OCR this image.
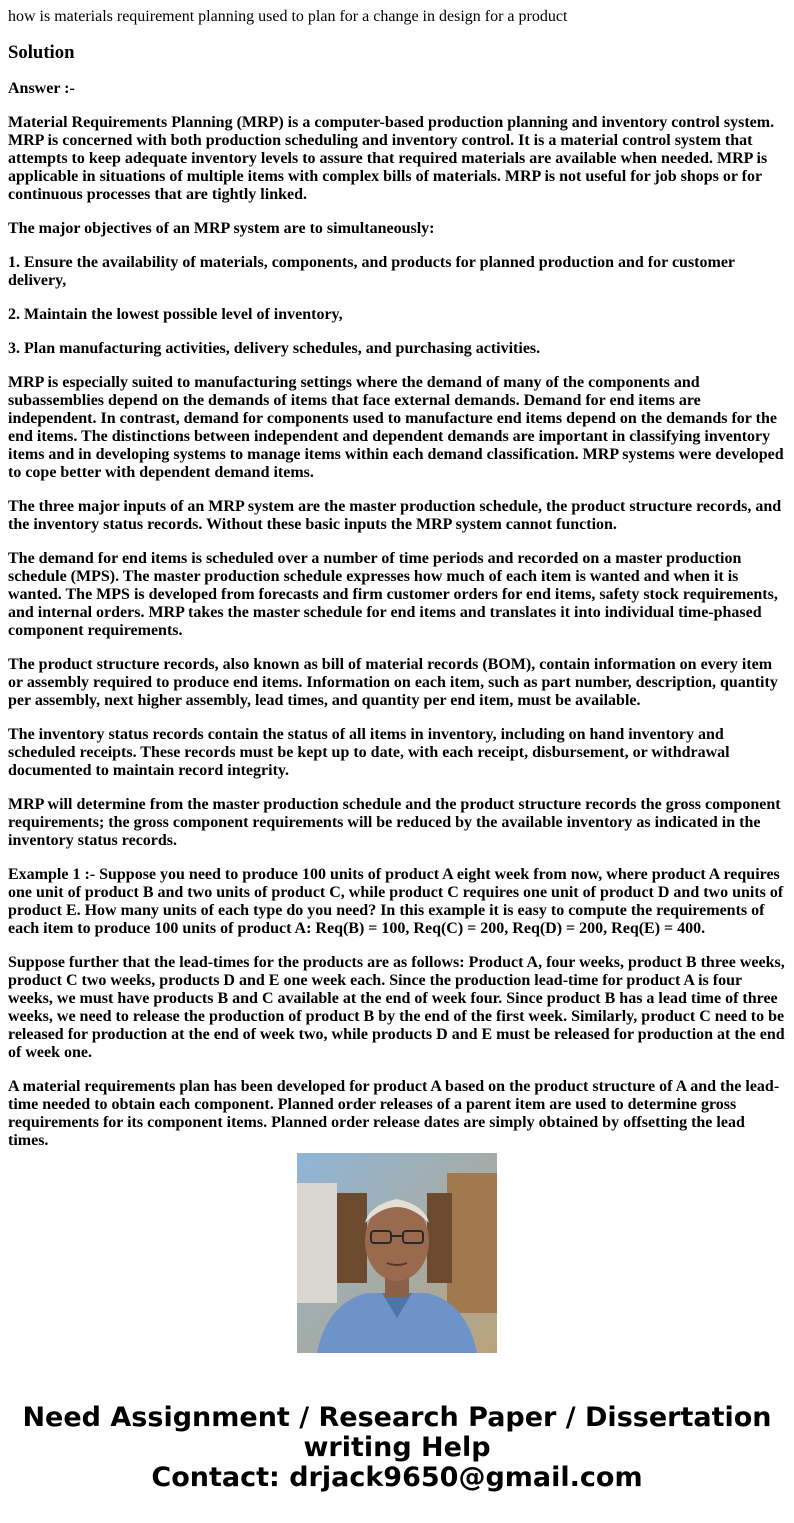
how is materials requirement planning used to plan for a change in design for a product
Solution
Answer :-
Material Requirements Planning (MRP) is a computer-based production planning and inventory control system. MRP is concerned with both production scheduling and inventory control. It is a material control system that attempts to keep adequate inventory levels to assure that required materials are available when needed. MRP is applicable in situations of multiple items with complex bills of materials. MRP is not useful for job shops or for continuous processes that are tightly linked.
The major objectives of an MRP system are to simultaneously:
1. Ensure the availability of materials, components, and products for planned production and for customer delivery,
2. Maintain the lowest possible level of inventory,
3. Plan manufacturing activities, delivery schedules, and purchasing activities.
MRP is especially suited to manufacturing settings where the demand of many of the components and subassemblies depend on the demands of items that face external demands. Demand for end items are independent. In contrast, demand for components used to manufacture end items depend on the demands for the end items. The distinctions between independent and dependent demands are important in classifying inventory items and in developing systems to manage items within each demand classification. MRP systems were developed to cope better with dependent demand items.
The three major inputs of an MRP system are the master production schedule, the product structure records, and the inventory status records. Without these basic inputs the MRP system cannot function.
The demand for end items is scheduled over a number of time periods and recorded on a master production schedule (MPS). The master production schedule expresses how much of each item is wanted and when it is wanted. The MPS is developed from forecasts and firm customer orders for end items, safety stock requirements, and internal orders. MRP takes the master schedule for end items and translates it into individual time-phased component requirements.
The product structure records, also known as bill of material records (BOM), contain information on every item or assembly required to produce end items. Information on each item, such as part number, description, quantity per assembly, next higher assembly, lead times, and quantity per end item, must be available.
The inventory status records contain the status of all items in inventory, including on hand inventory and scheduled receipts. These records must be kept up to date, with each receipt, disbursement, or withdrawal documented to maintain record integrity.
MRP will determine from the master production schedule and the product structure records the gross component requirements; the gross component requirements will be reduced by the available inventory as indicated in the inventory status records.
Example 1 :- Suppose you need to produce 100 units of product A eight week from now, where product A requires one unit of product B and two units of product C, while product C requires one unit of product D and two units of product E. How many units of each type do you need? In this example it is easy to compute the requirements of each item to produce 100 units of product A: Req(B) = 100, Req(C) = 200, Req(D) = 200, Req(E) = 400.
Suppose further that the lead-times for the products are as follows: Product A, four weeks, product B three weeks, product C two weeks, products D and E one week each. Since the production lead-time for product A is four weeks, we must have products B and C available at the end of week four. Since product B has a lead time of three weeks, we need to release the production of product B by the end of the first week. Similarly, product C need to be released for production at the end of week two, while products D and E must be released for production at the end of week one.
A material requirements plan has been developed for product A based on the product structure of A and the lead-time needed to obtain each component. Planned order releases of a parent item are used to determine gross requirements for its component items. Planned order release dates are simply obtained by offsetting the lead times.
Need Assignment / Research Paper / Dissertation writing Help
Contact: drjack9650@gmail.com
